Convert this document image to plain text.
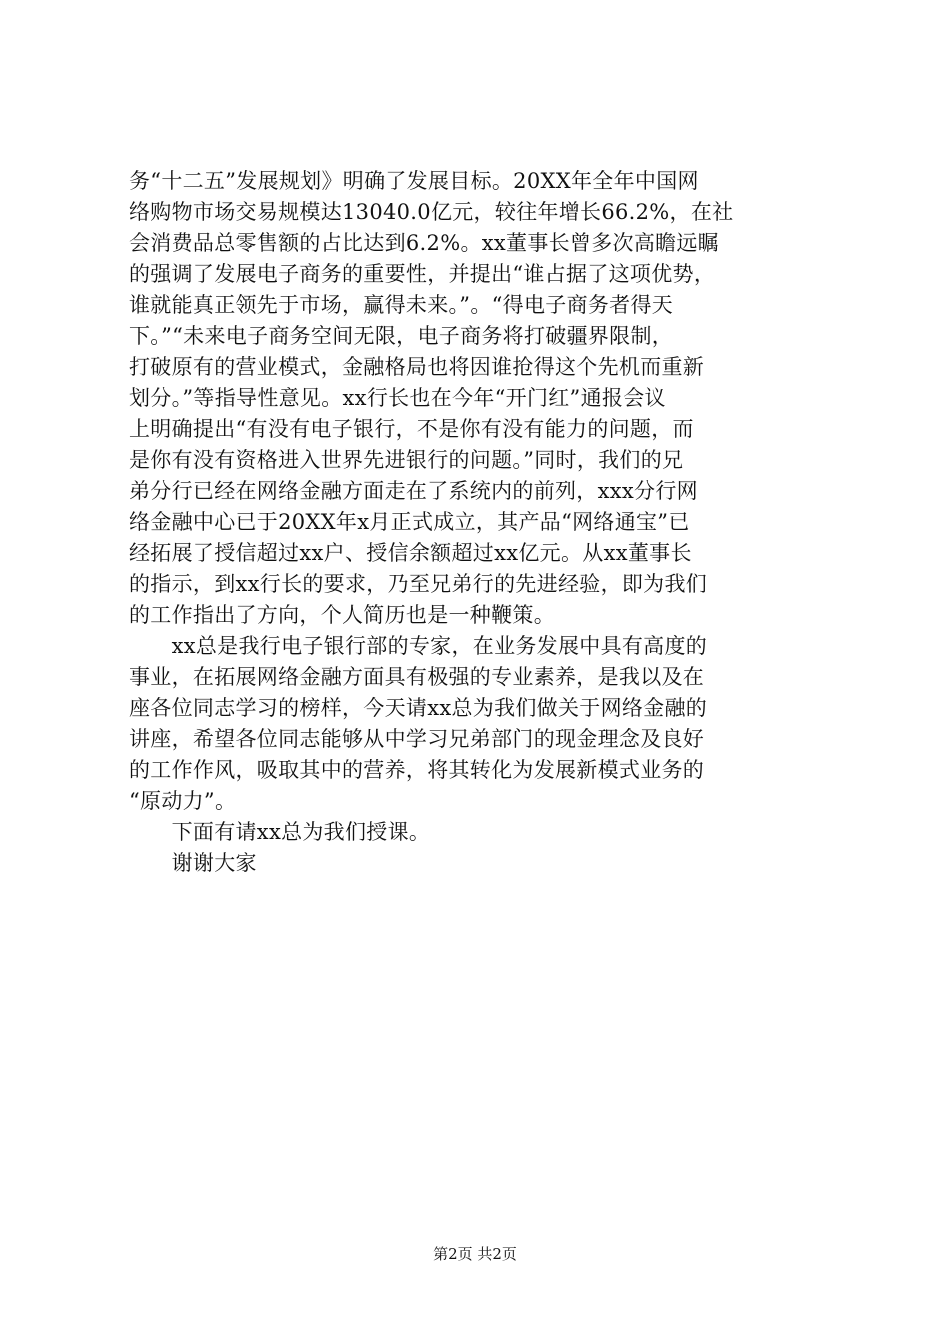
务“十二五”发展规划》明确了发展目标。20XX年全年中国网
络购物市场交易规模达13040.0亿元，较往年增长66.2%，在社
会消费品总零售额的占比达到6.2%。xx董事长曾多次高瞻远瞩
的强调了发展电子商务的重要性，并提出“谁占据了这项优势，
谁就能真正领先于市场，赢得未来。”。“得电子商务者得天
下。”“未来电子商务空间无限，电子商务将打破疆界限制，
打破原有的营业模式，金融格局也将因谁抢得这个先机而重新
划分。”等指导性意见。xx行长也在今年“开门红”通报会议
上明确提出“有没有电子银行，不是你有没有能力的问题，而
是你有没有资格进入世界先进银行的问题。”同时，我们的兄
弟分行已经在网络金融方面走在了系统内的前列，xxx分行网
络金融中心已于20XX年x月正式成立，其产品“网络通宝”已
经拓展了授信超过xx户、授信余额超过xx亿元。从xx董事长
的指示，到xx行长的要求，乃至兄弟行的先进经验，即为我们
的工作指出了方向，个人简历也是一种鞭策。
　　xx总是我行电子银行部的专家，在业务发展中具有高度的
事业，在拓展网络金融方面具有极强的专业素养，是我以及在
座各位同志学习的榜样，今天请xx总为我们做关于网络金融的
讲座，希望各位同志能够从中学习兄弟部门的现金理念及良好
的工作作风，吸取其中的营养，将其转化为发展新模式业务的
“原动力”。
　　下面有请xx总为我们授课。
　　谢谢大家
第2页 共2页
